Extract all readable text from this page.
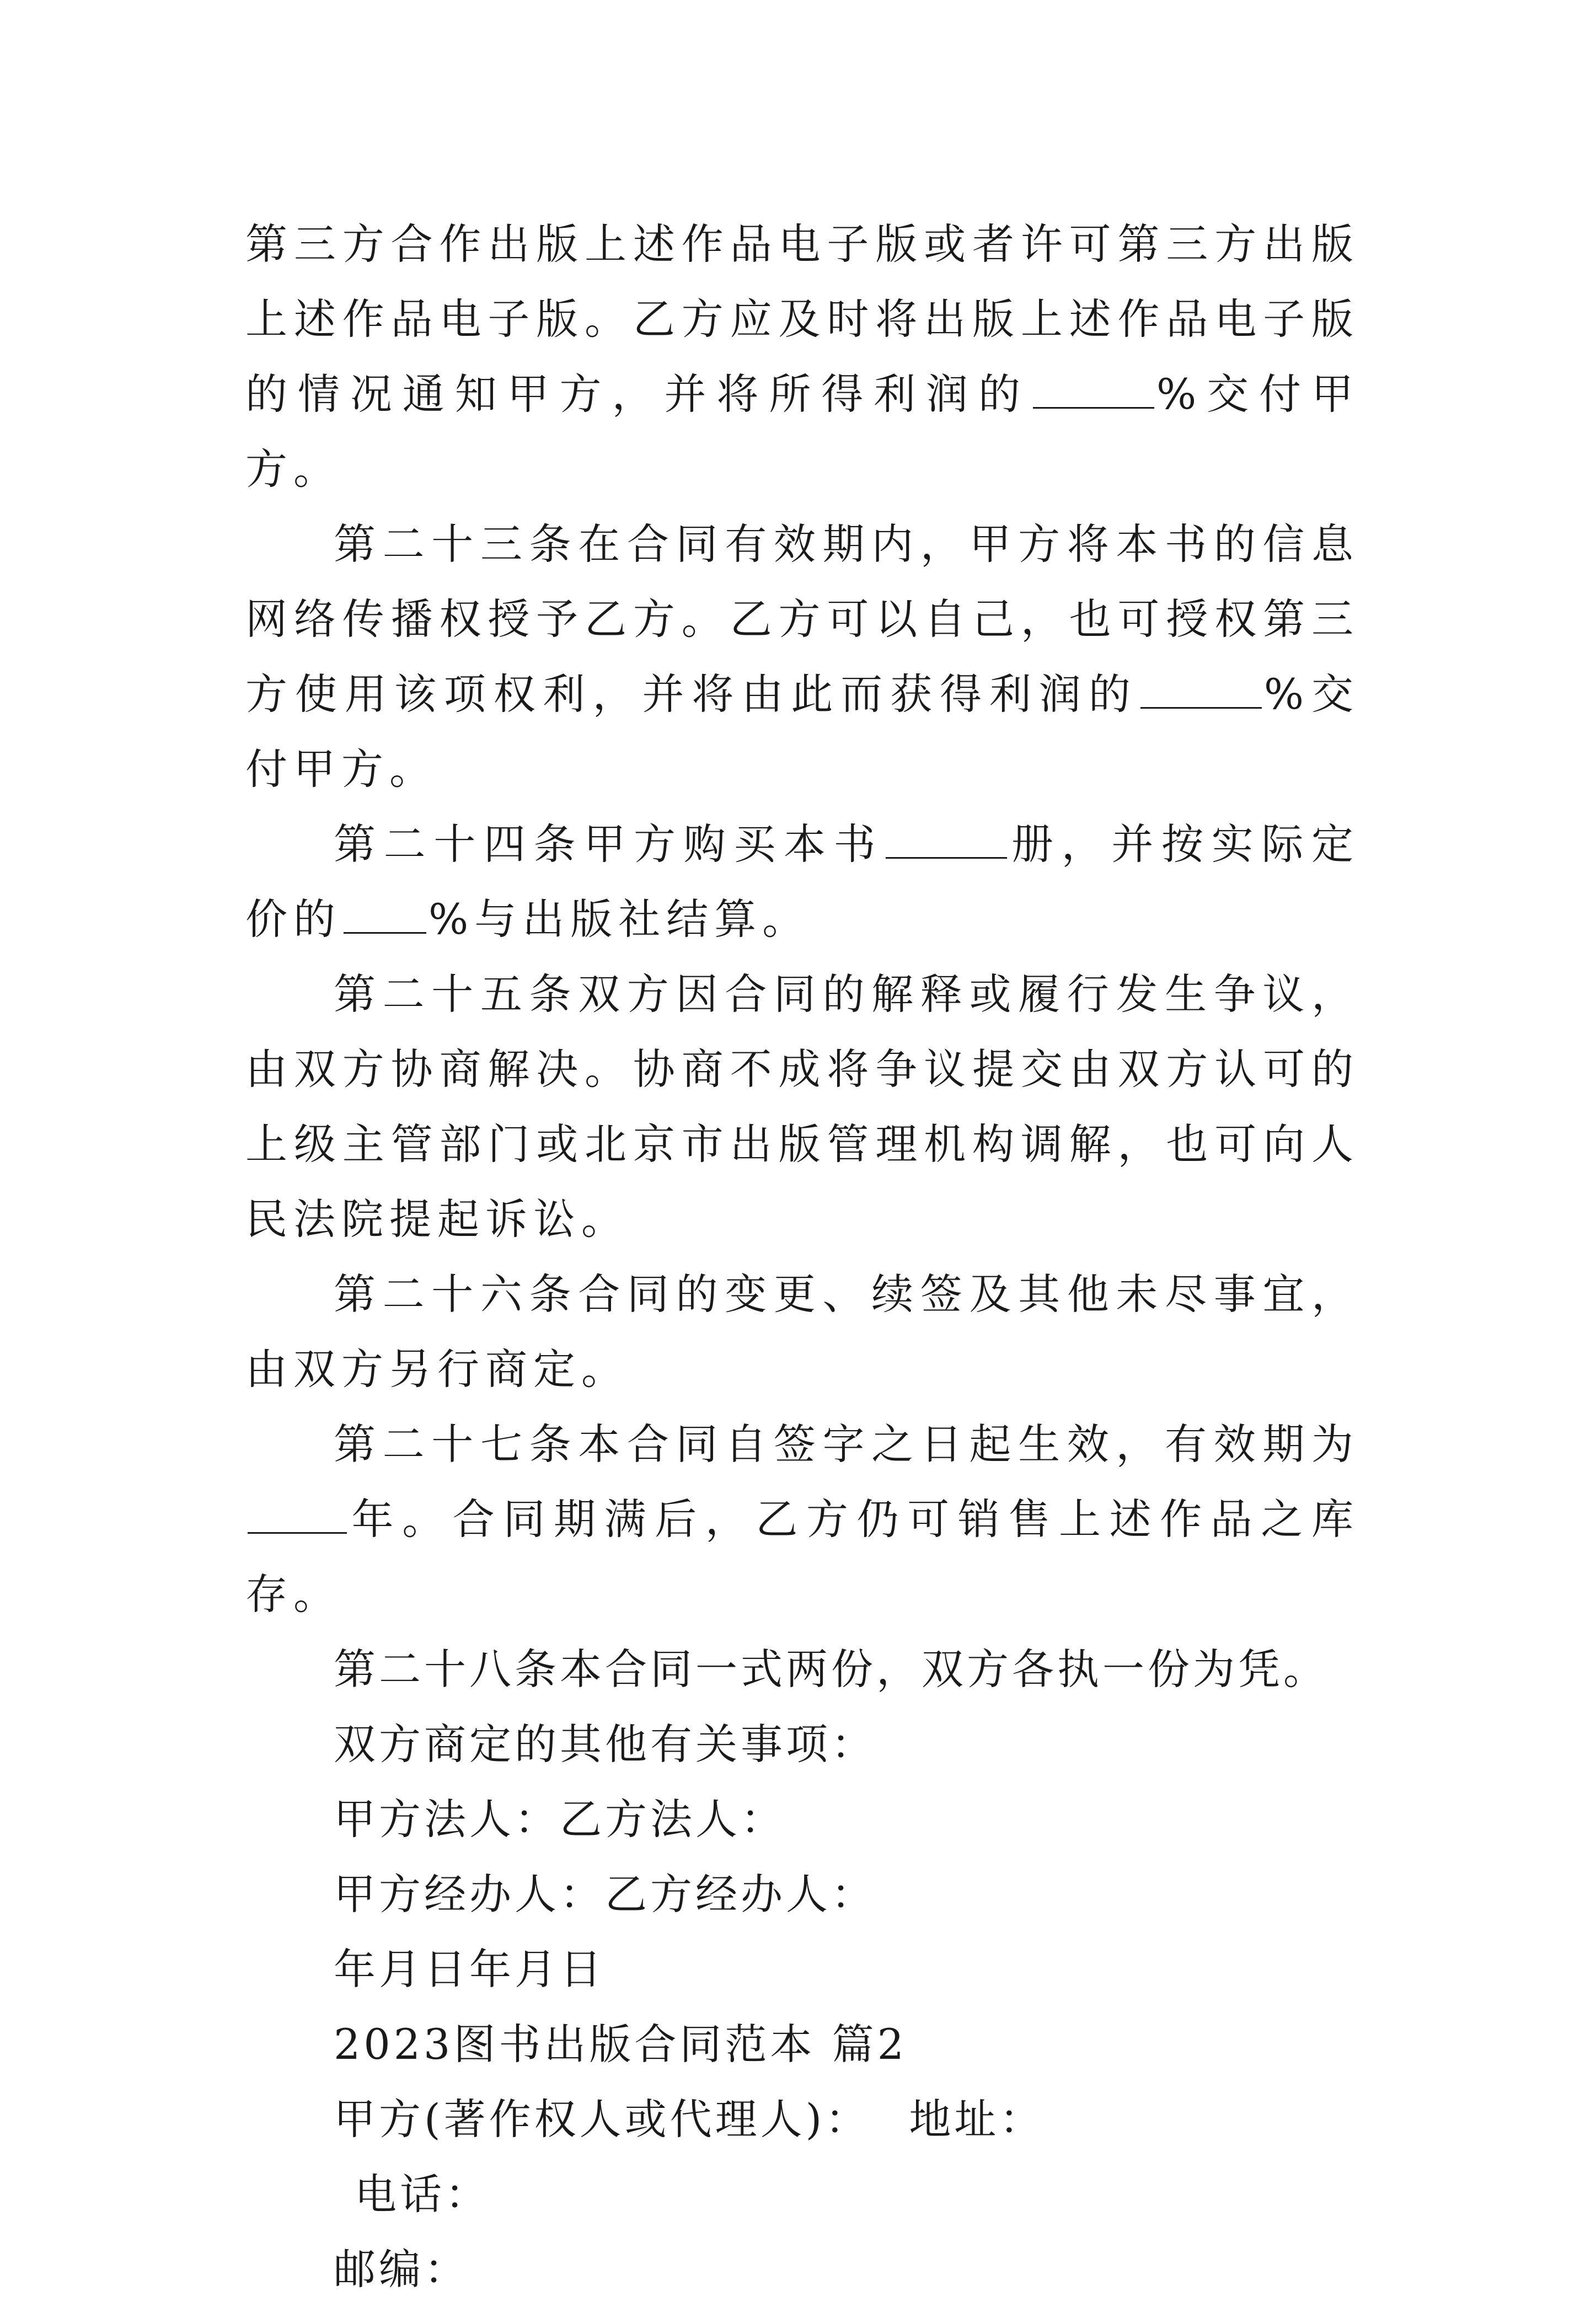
第三方合作出版上述作品电子版或者许可第三方出版上述作品电子版。乙方应及时将出版上述作品电子版的情况通知甲方，并将所得利润的	%交付甲方。

第二十三条在合同有效期内，甲方将本书的信息网络传播权授予乙方。乙方可以自己，也可授权第三方使用该项权利，并将由此而获得利润的	%交付甲方。

第二十四条甲方购买本书	册，并按实际定价的 %与出版社结算。

第二十五条双方因合同的解释或履行发生争议，由双方协商解决。协商不成将争议提交由双方认可的上级主管部门或北京市出版管理机构调解，也可向人民法院提起诉讼。

第二十六条合同的变更、续签及其他未尽事宜，由双方另行商定。

第二十七条本合同自签字之日起生效，有效期为年。合同期满后，乙方仍可销售上述作品之库存。

第二十八条本合同一式两份，双方各执一份为凭。

双方商定的其他有关事项：

甲方法人：乙方法人：

甲方经办人：乙方经办人：

年月日年月日

2023图书出版合同范本 篇2

甲方(著作权人或代理人)： 地址：

电话：

邮编：
